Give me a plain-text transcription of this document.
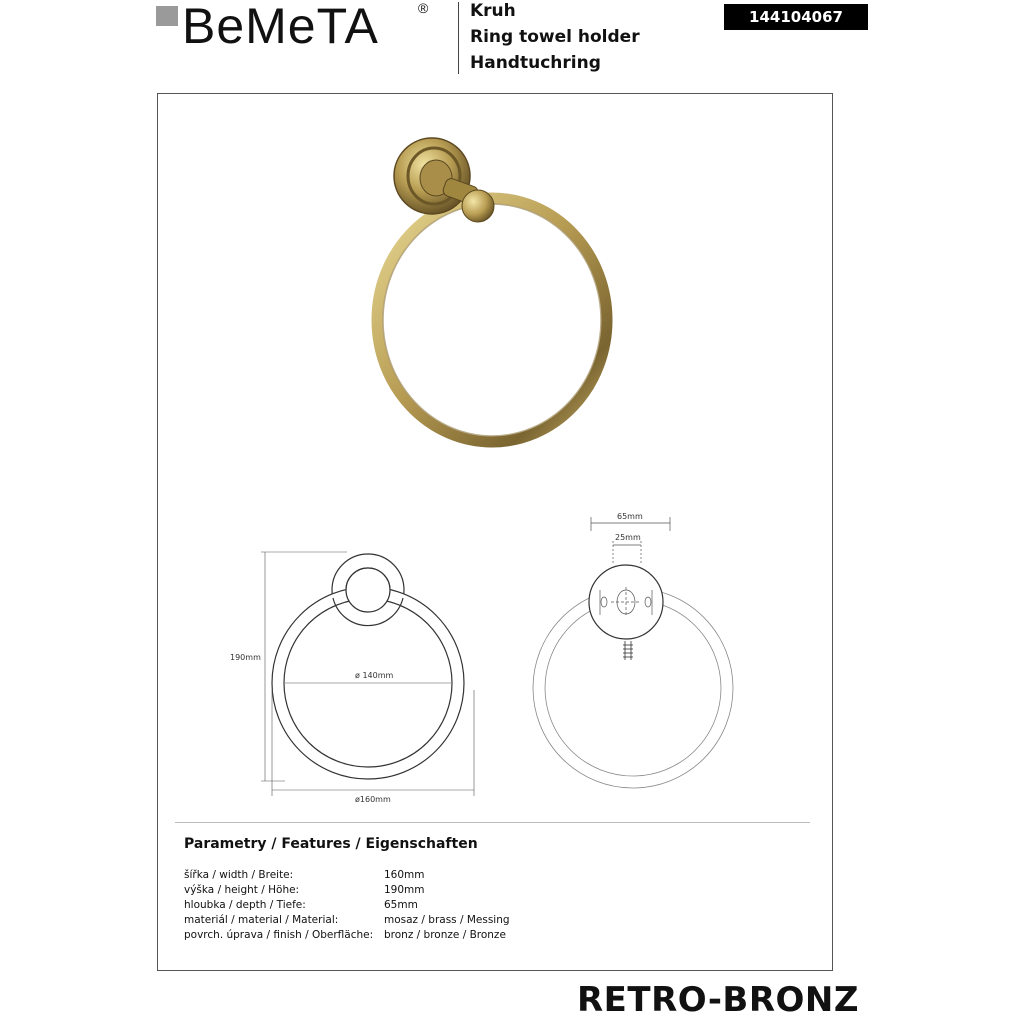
BeMeTA	® Kruh
Ring towel holder
Handtuchring
144104067
190mm
ø 140mm
ø160mm
65mm
25mm
Parametry / Features / Eigenschaften
šířka / width / Breite:	160mm
výška / height / Höhe:	190mm
hloubka / depth / Tiefe:	65mm
materiál / material / Material:	mosaz / brass / Messing
povrch. úprava / finish / Oberfläche: bronz / bronze / Bronze
RETRO-BRONZ
